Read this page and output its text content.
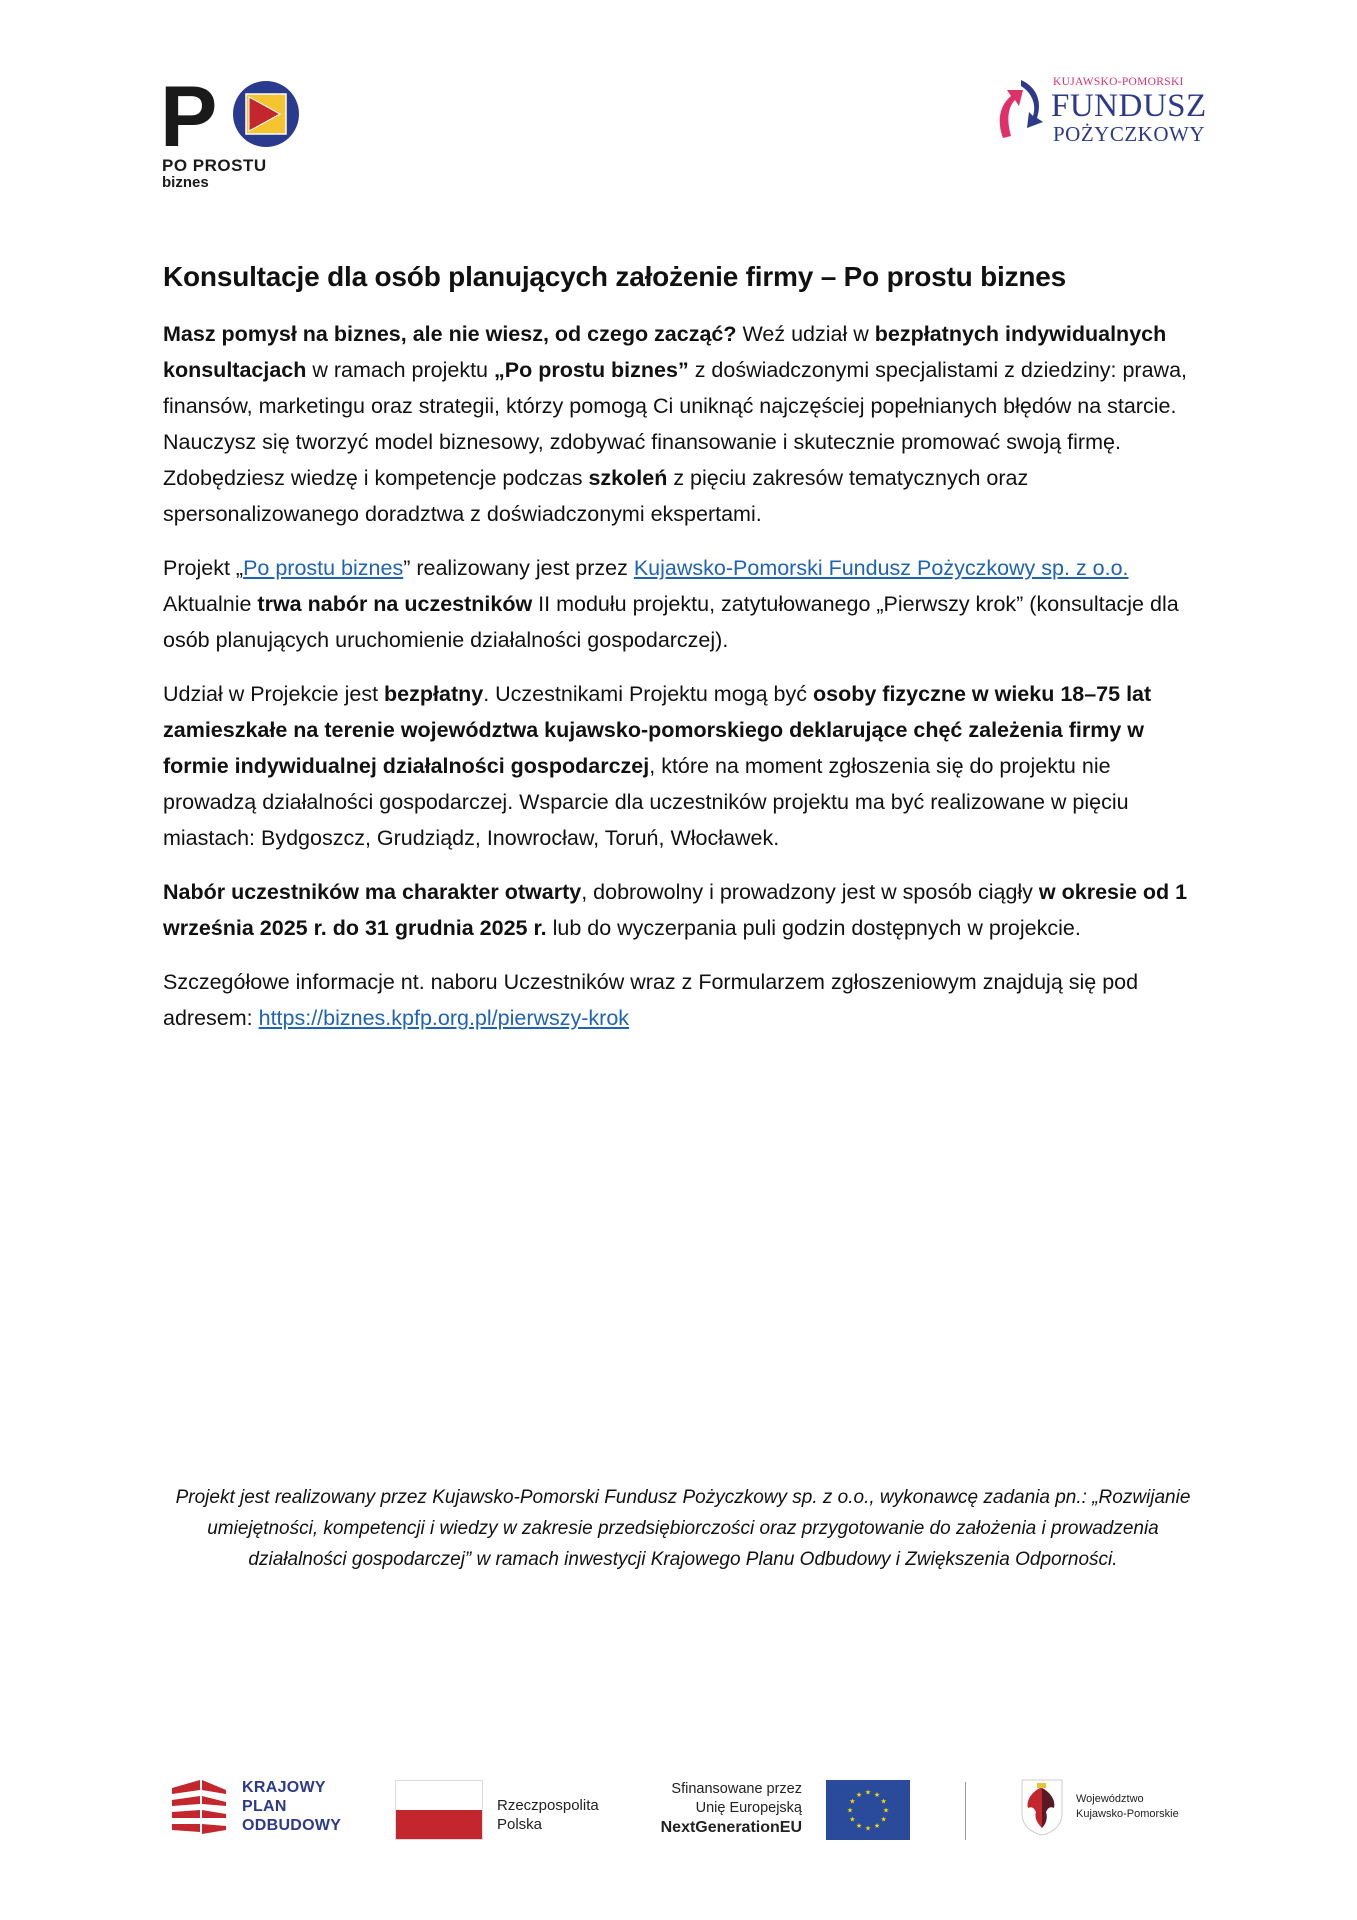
P
PO PROSTU
biznes
KUJAWSKO-POMORSKI
FUNDUSZ
POŻYCZKOWY
Konsultacje dla osób planujących założenie firmy – Po prostu biznes

Masz pomysł na biznes, ale nie wiesz, od czego zacząć? Weź udział w bezpłatnych indywidualnych konsultacjach w ramach projektu „Po prostu biznes” z doświadczonymi specjalistami z dziedziny: prawa, finansów, marketingu oraz strategii, którzy pomogą Ci uniknąć najczęściej popełnianych błędów na starcie. Nauczysz się tworzyć model biznesowy, zdobywać finansowanie i skutecznie promować swoją firmę. Zdobędziesz wiedzę i kompetencje podczas szkoleń z pięciu zakresów tematycznych oraz spersonalizowanego doradztwa z doświadczonymi ekspertami.

Projekt „Po prostu biznes” realizowany jest przez Kujawsko-Pomorski Fundusz Pożyczkowy sp. z o.o. Aktualnie trwa nabór na uczestników II modułu projektu, zatytułowanego „Pierwszy krok” (konsultacje dla osób planujących uruchomienie działalności gospodarczej).

Udział w Projekcie jest bezpłatny. Uczestnikami Projektu mogą być osoby fizyczne w wieku 18–75 lat zamieszkałe na terenie województwa kujawsko-pomorskiego deklarujące chęć zależenia firmy w formie indywidualnej działalności gospodarczej, które na moment zgłoszenia się do projektu nie prowadzą działalności gospodarczej. Wsparcie dla uczestników projektu ma być realizowane w pięciu miastach: Bydgoszcz, Grudziądz, Inowrocław, Toruń, Włocławek.

Nabór uczestników ma charakter otwarty, dobrowolny i prowadzony jest w sposób ciągły w okresie od 1 września 2025 r. do 31 grudnia 2025 r. lub do wyczerpania puli godzin dostępnych w projekcie.

Szczegółowe informacje nt. naboru Uczestników wraz z Formularzem zgłoszeniowym znajdują się pod adresem: https://biznes.kpfp.org.pl/pierwszy-krok

Projekt jest realizowany przez Kujawsko-Pomorski Fundusz Pożyczkowy sp. z o.o., wykonawcę zadania pn.: „Rozwijanie umiejętności, kompetencji i wiedzy w zakresie przedsiębiorczości oraz przygotowanie do założenia i prowadzenia działalności gospodarczej” w ramach inwestycji Krajowego Planu Odbudowy i Zwiększenia Odporności.
KRAJOWY
PLAN
ODBUDOWY
Rzeczpospolita
Polska
Sfinansowane przez
Unię Europejską
NextGenerationEU
★ ★
★
★
★
★
★
★
★
★
★
★	Województwo
Kujawsko-Pomorskie
